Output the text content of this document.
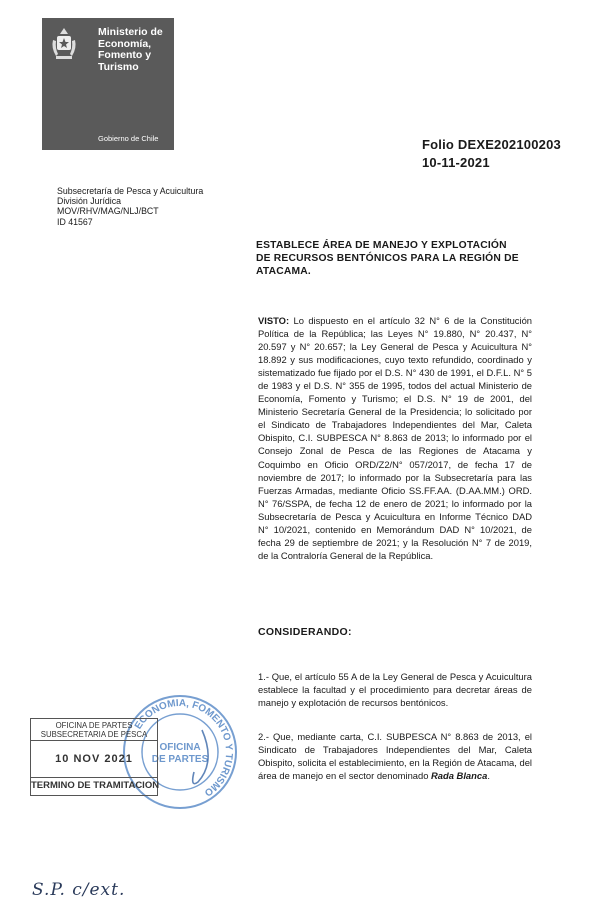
Ministerio de
Economía,
Fomento y
Turismo
Gobierno de Chile	Folio DEXE202100203
10-11-2021
Subsecretaría de Pesca y Acuicultura
División Jurídica
MOV/RHV/MAG/NLJ/BCT
ID 41567
ESTABLECE ÁREA DE MANEJO Y EXPLOTACIÓN
DE RECURSOS BENTÓNICOS PARA LA REGIÓN DE
ATACAMA.
VISTO: Lo dispuesto en el artículo 32 N° 6 de la Constitución Política de la República; las Leyes N° 19.880, N° 20.437, N° 20.597 y N° 20.657; la Ley General de Pesca y Acuicultura N° 18.892 y sus modificaciones, cuyo texto refundido, coordinado y sistematizado fue fijado por el D.S. N° 430 de 1991, el D.F.L. N° 5 de 1983 y el D.S. N° 355 de 1995, todos del actual Ministerio de Economía, Fomento y Turismo; el D.S. N° 19 de 2001, del Ministerio Secretaría General de la Presidencia; lo solicitado por el Sindicato de Trabajadores Independientes del Mar, Caleta Obispito, C.I. SUBPESCA N° 8.863 de 2013; lo informado por el Consejo Zonal de Pesca de las Regiones de Atacama y Coquimbo en Oficio ORD/Z2/N° 057/2017, de fecha 17 de noviembre de 2017; lo informado por la Subsecretaría para las Fuerzas Armadas, mediante Oficio SS.FF.AA. (D.AA.MM.) ORD. N° 76/SSPA, de fecha 12 de enero de 2021; lo informado por la Subsecretaría de Pesca y Acuicultura en Informe Técnico DAD N° 10/2021, contenido en Memorándum DAD N° 10/2021, de fecha 29 de septiembre de 2021; y la Resolución N° 7 de 2019, de la Contraloría General de la República.
CONSIDERANDO:
1.- Que, el artículo 55 A de la Ley General de Pesca y Acuicultura establece la facultad y el procedimiento para decretar áreas de manejo y explotación de recursos bentónicos.
2.- Que, mediante carta, C.I. SUBPESCA N° 8.863 de 2013, el Sindicato de Trabajadores Independientes del Mar, Caleta Obispito, solicita el establecimiento, en la Región de Atacama, del área de manejo en el sector denominado Rada Blanca.
ECONOMIA, FOMENTO Y TURISMO
OFICINA
DE PARTES
OFICINA DE PARTES
SUBSECRETARIA DE PESCA
10 NOV 2021
TERMINO DE TRAMITACION
S.P. c/ext.
